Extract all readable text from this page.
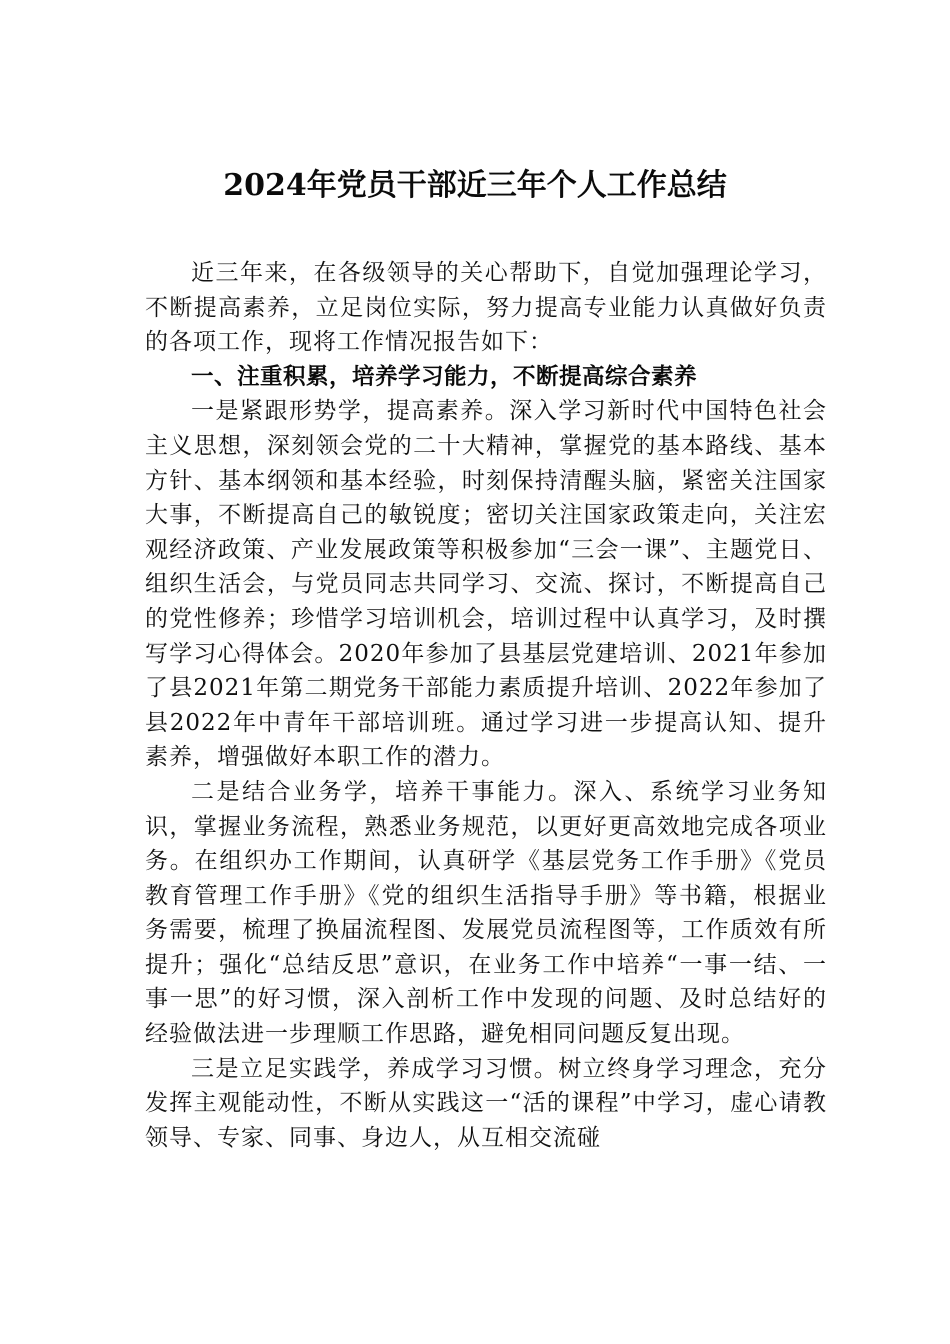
2024年党员干部近三年个人工作总结

近三年来，在各级领导的关心帮助下，自觉加强理论学习，不断提高素养，立足岗位实际，努力提高专业能力认真做好负责的各项工作，现将工作情况报告如下：

一、注重积累，培养学习能力，不断提高综合素养

一是紧跟形势学，提高素养。深入学习新时代中国特色社会主义思想，深刻领会党的二十大精神，掌握党的基本路线、基本方针、基本纲领和基本经验，时刻保持清醒头脑，紧密关注国家大事，不断提高自己的敏锐度；密切关注国家政策走向，关注宏观经济政策、产业发展政策等积极参加“三会一课”、主题党日、组织生活会，与党员同志共同学习、交流、探讨，不断提高自己的党性修养；珍惜学习培训机会，培训过程中认真学习，及时撰写学习心得体会。2020年参加了县基层党建培训、2021年参加了县2021年第二期党务干部能力素质提升培训、2022年参加了县2022年中青年干部培训班。通过学习进一步提高认知、提升素养，增强做好本职工作的潜力。

二是结合业务学，培养干事能力。深入、系统学习业务知识，掌握业务流程，熟悉业务规范，以更好更高效地完成各项业务。在组织办工作期间，认真研学《基层党务工作手册》《党员教育管理工作手册》《党的组织生活指导手册》等书籍，根据业务需要，梳理了换届流程图、发展党员流程图等，工作质效有所提升；强化“总结反思”意识，在业务工作中培养“一事一结、一事一思”的好习惯，深入剖析工作中发现的问题、及时总结好的经验做法进一步理顺工作思路，避免相同问题反复出现。

三是立足实践学，养成学习习惯。树立终身学习理念，充分发挥主观能动性，不断从实践这一“活的课程”中学习，虚心请教领导、专家、同事、身边人，从互相交流碰
